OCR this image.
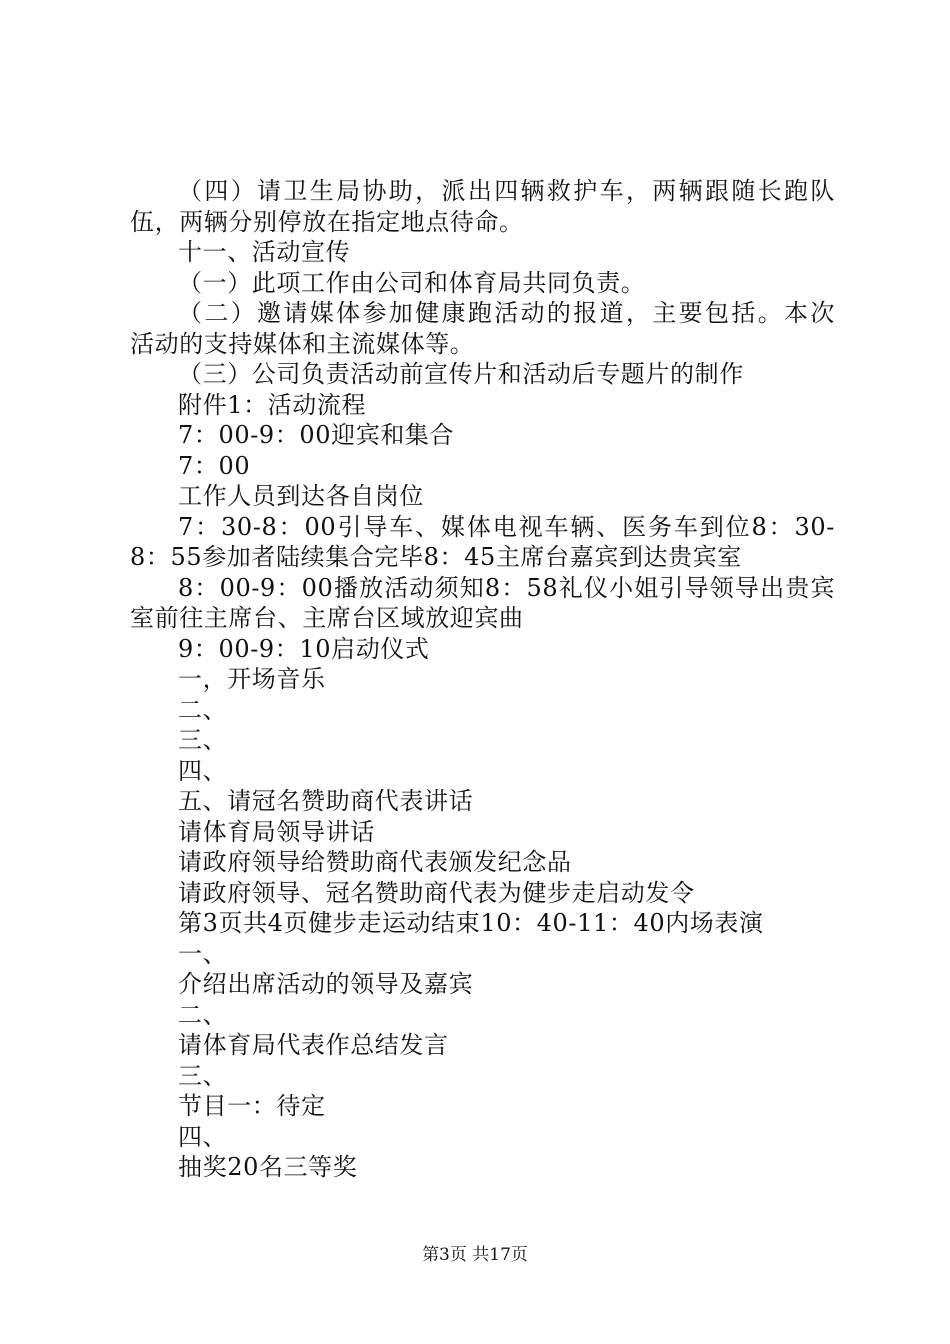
（四）请卫生局协助，派出四辆救护车，两辆跟随长跑队
伍，两辆分别停放在指定地点待命。
十一、活动宣传
（一）此项工作由公司和体育局共同负责。
（二）邀请媒体参加健康跑活动的报道，主要包括。本次
活动的支持媒体和主流媒体等。
（三）公司负责活动前宣传片和活动后专题片的制作
附件1：活动流程
7：00-9：00迎宾和集合
7：00
工作人员到达各自岗位
7：30-8：00引导车、媒体电视车辆、医务车到位8：30-
8：55参加者陆续集合完毕8：45主席台嘉宾到达贵宾室
8：00-9：00播放活动须知8：58礼仪小姐引导领导出贵宾
室前往主席台、主席台区域放迎宾曲
9：00-9：10启动仪式
一，开场音乐
二、
三、
四、
五、请冠名赞助商代表讲话
请体育局领导讲话
请政府领导给赞助商代表颁发纪念品
请政府领导、冠名赞助商代表为健步走启动发令
第3页共4页健步走运动结束10：40-11：40内场表演
一、
介绍出席活动的领导及嘉宾
二、
请体育局代表作总结发言
三、
节目一：待定
四、
抽奖20名三等奖
第3页 共17页
